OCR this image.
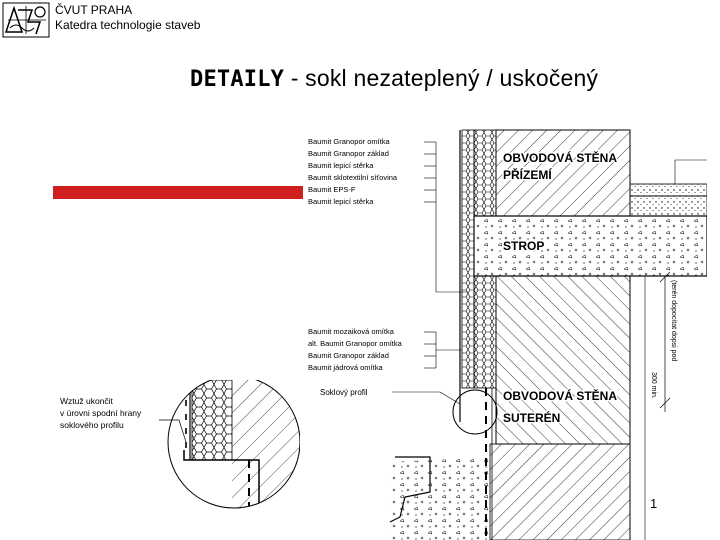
ČVUT PRAHA
Katedra technologie staveb
DETAILY - sokl nezateplený / uskočený
Baumit Granopor omítka
Baumit Granopor základ
Baumit lepicí stěrka
Baumit sklotextilní síťovina
Baumit EPS-F
Baumit lepicí stěrka
Baumit mozaiková omítka
alt. Baumit Granopor omítka
Baumit Granopor základ
Baumit jádrová omítka
Soklový profil
OBVODOVÁ STĚNA
PŘÍZEMÍ
STROP
OBVODOVÁ STĚNA
SUTERÉN
300 min.
(terén dopocítat dopsi pod
Wztuž ukončit
v úrovni spodní hrany
soklového profilu
1
